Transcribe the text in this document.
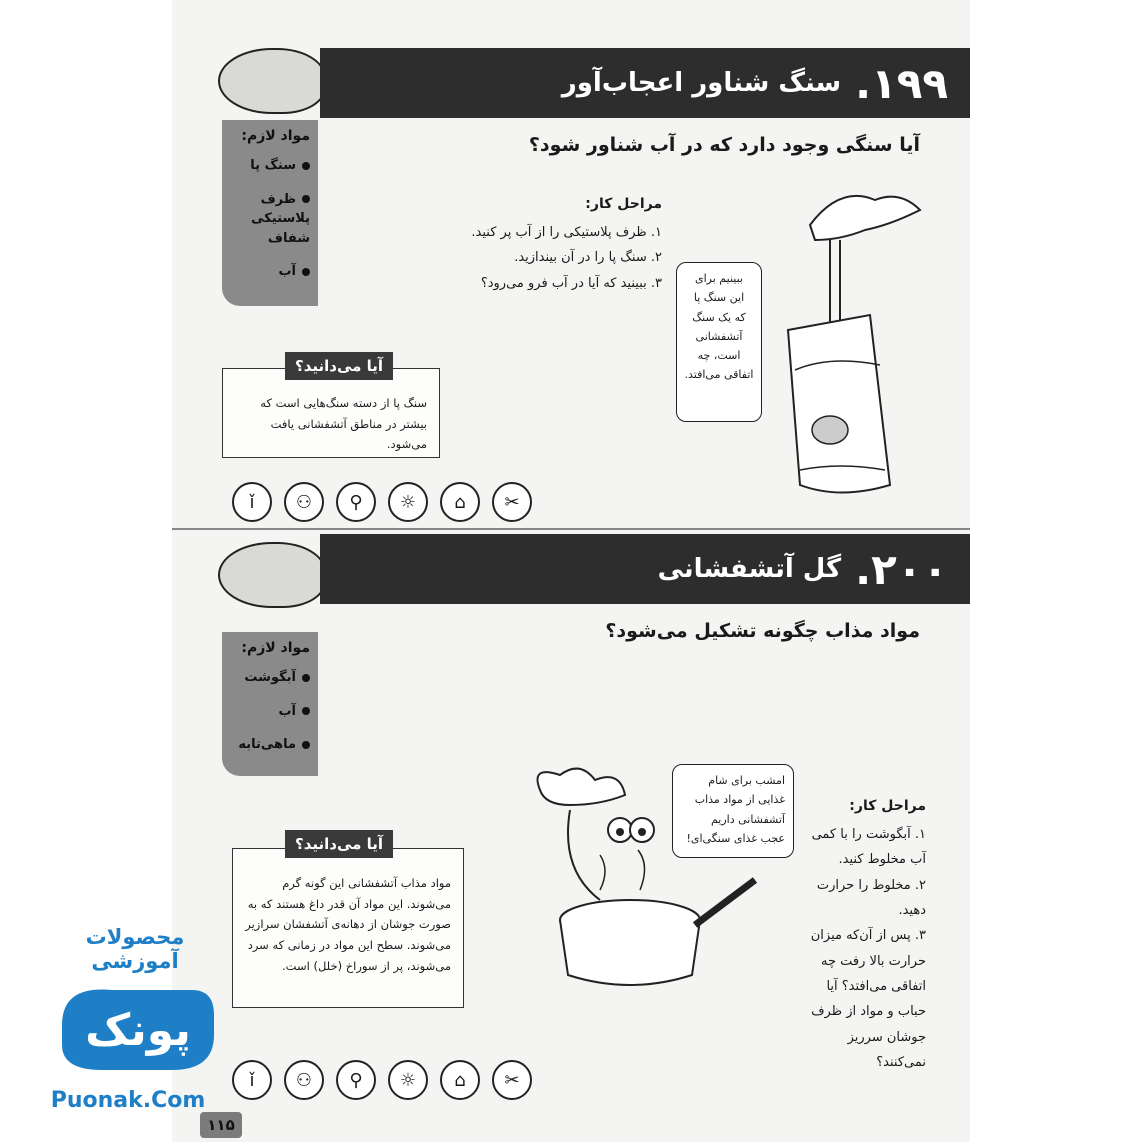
۱۹۹.
سنگ شناور اعجاب‌آور
مواد لازم:
سنگ پا
ظرف پلاستیکی شفاف
آب
آیا سنگی وجود دارد که در آب شناور شود؟
مراحل کار:
۱. ظرف پلاستیکی را از آب پر کنید.
۲. سنگ پا را در آن بیندازید.
۳. ببینید که آیا در آب فرو می‌رود؟	ببینیم برای
این سنگ پا
که یک سنگ
آتشفشانی
است، چه
اتفاقی می‌افتد.
سنگ پا از دسته سنگ‌هایی است که بیشتر در مناطق آتشفشانی یافت می‌شود.
آیا می‌دانید؟
ǐ	⚇	⚲	☼	⌂	✂
۲۰۰.
گل آتشفشانی
مواد لازم:
آبگوشت
آب
ماهی‌تابه
مواد مذاب چگونه تشکیل می‌شود؟
مراحل کار:
۱. آبگوشت را با کمی آب مخلوط کنید.
۲. مخلوط را حرارت دهید.
۳. پس از آن‌که میزان حرارت بالا رفت چه اتفاقی می‌افتد؟ آیا حباب و مواد از ظرف جوشان سرریز نمی‌کنند؟
امشب برای شام
غذایی از مواد مذاب
آتشفشانی داریم
عجب غذای سنگی‌ای!
مواد مذاب آتشفشانی این گونه گرم می‌شوند. این مواد آن قدر داغ هستند که به صورت جوشان از دهانه‌ی آتشفشان سرازیر می‌شوند. سطح این مواد در زمانی که سرد می‌شوند، پر از سوراخ (خلل) است.
آیا می‌دانید؟
ǐ	⚇	⚲	☼	⌂	✂
۱۱۵
محصولات آموزشی
پونک
Puonak.Com
